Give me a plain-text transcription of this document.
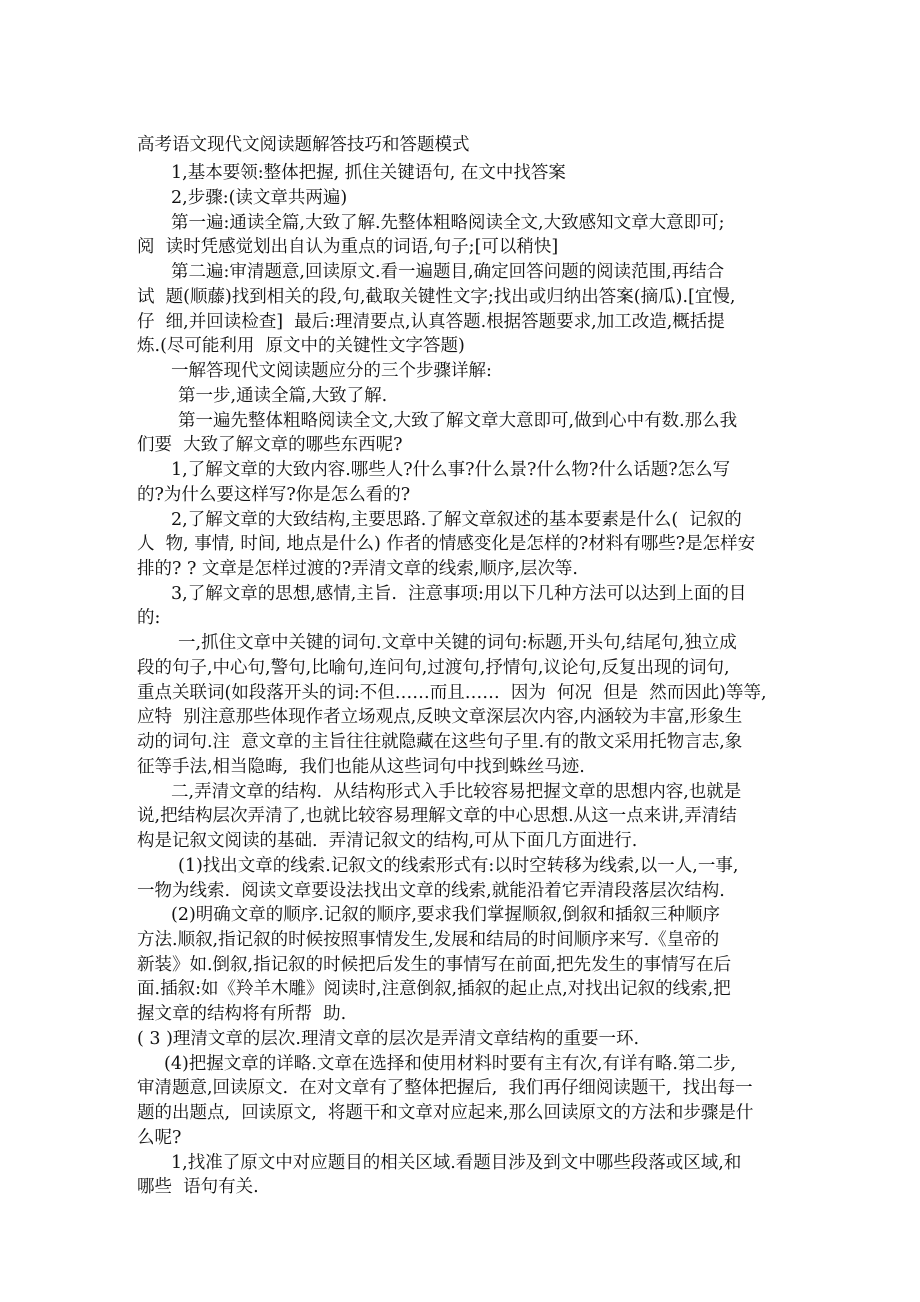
高考语文现代文阅读题解答技巧和答题模式
1,基本要领:整体把握, 抓住关键语句, 在文中找答案
2,步骤:(读文章共两遍)
第一遍:通读全篇,大致了解.先整体粗略阅读全文,大致感知文章大意即可;
阅  读时凭感觉划出自认为重点的词语,句子;[可以稍快]
第二遍:审清题意,回读原文.看一遍题目,确定回答问题的阅读范围,再结合
试  题(顺藤)找到相关的段,句,截取关键性文字;找出或归纳出答案(摘瓜).[宜慢,
仔  细,并回读检查]  最后:理清要点,认真答题.根据答题要求,加工改造,概括提
炼.(尽可能利用  原文中的关键性文字答题)
一解答现代文阅读题应分的三个步骤详解:
第一步,通读全篇,大致了解.
第一遍先整体粗略阅读全文,大致了解文章大意即可,做到心中有数.那么我
们要  大致了解文章的哪些东西呢?
1,了解文章的大致内容.哪些人?什么事?什么景?什么物?什么话题?怎么写
的?为什么要这样写?你是怎么看的?
2,了解文章的大致结构,主要思路.了解文章叙述的基本要素是什么(  记叙的
人  物, 事情, 时间, 地点是什么) 作者的情感变化是怎样的?材料有哪些?是怎样安
排的? ? 文章是怎样过渡的?弄清文章的线索,顺序,层次等.
3,了解文章的思想,感情,主旨.  注意事项:用以下几种方法可以达到上面的目
的:
一,抓住文章中关键的词句.文章中关键的词句:标题,开头句,结尾句,独立成
段的句子,中心句,警句,比喻句,连问句,过渡句,抒情句,议论句,反复出现的词句,
重点关联词(如段落开头的词:不但……而且……  因为  何况  但是  然而因此)等等,
应特  别注意那些体现作者立场观点,反映文章深层次内容,内涵较为丰富,形象生
动的词句.注  意文章的主旨往往就隐藏在这些句子里.有的散文采用托物言志,象
征等手法,相当隐晦,  我们也能从这些词句中找到蛛丝马迹.
二,弄清文章的结构.  从结构形式入手比较容易把握文章的思想内容,也就是
说,把结构层次弄清了,也就比较容易理解文章的中心思想.从这一点来讲,弄清结
构是记叙文阅读的基础.  弄清记叙文的结构,可从下面几方面进行.
(1)找出文章的线索.记叙文的线索形式有:以时空转移为线索,以一人,一事,
一物为线索.  阅读文章要设法找出文章的线索,就能沿着它弄清段落层次结构.
(2)明确文章的顺序.记叙的顺序,要求我们掌握顺叙,倒叙和插叙三种顺序
方法.顺叙,指记叙的时候按照事情发生,发展和结局的时间顺序来写.《皇帝的
新装》如.倒叙,指记叙的时候把后发生的事情写在前面,把先发生的事情写在后
面.插叙:如《羚羊木雕》阅读时,注意倒叙,插叙的起止点,对找出记叙的线索,把
握文章的结构将有所帮  助.
( 3 )理清文章的层次.理清文章的层次是弄清文章结构的重要一环.
(4)把握文章的详略.文章在选择和使用材料时要有主有次,有详有略.第二步,
审清题意,回读原文.  在对文章有了整体把握后,  我们再仔细阅读题干,  找出每一
题的出题点,  回读原文,  将题干和文章对应起来,那么回读原文的方法和步骤是什
么呢?
1,找准了原文中对应题目的相关区域.看题目涉及到文中哪些段落或区域,和
哪些  语句有关.
